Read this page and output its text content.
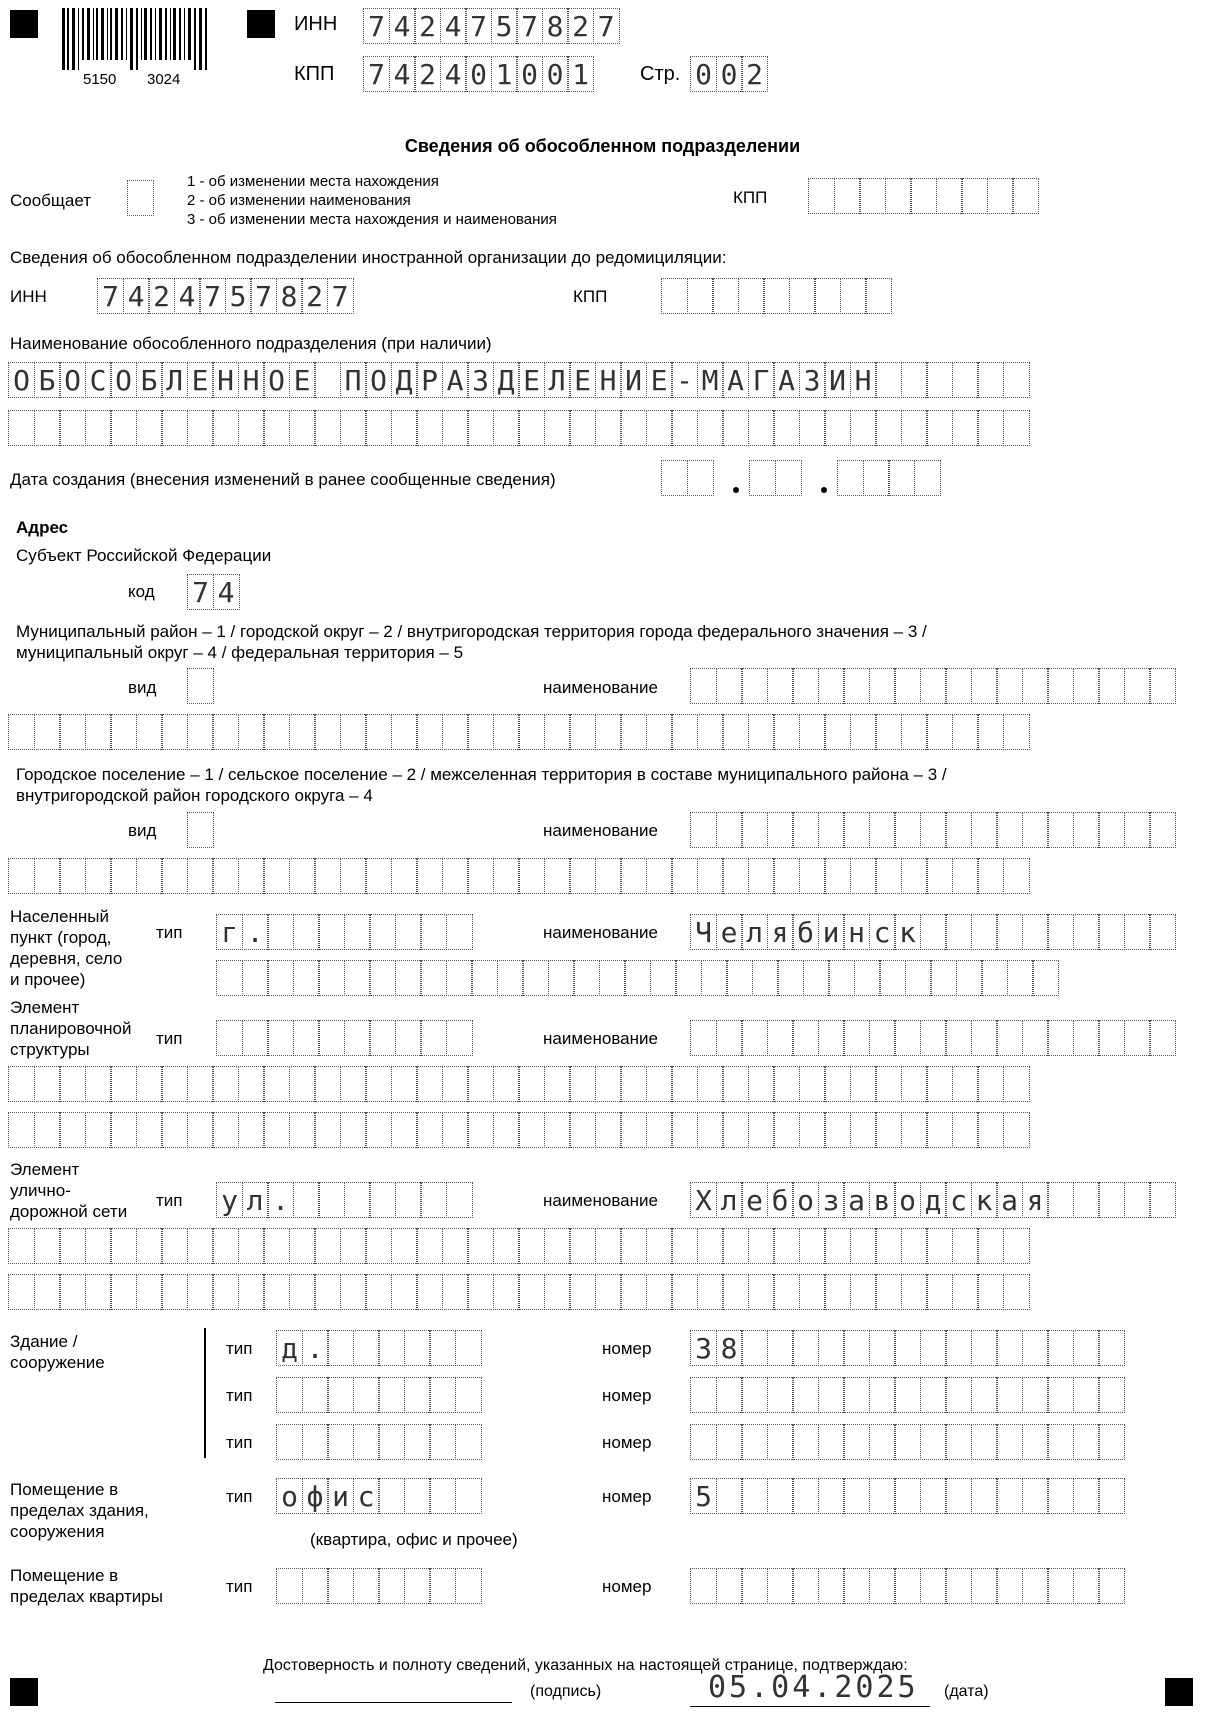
5150 3024
ИНН 7 4 2 4 7 5 7 8 2 7
КПП 7 4 2 4 0 1 0 0 1	Стр. 0 0 2
Сведения об обособленном подразделении
Сообщает
1 - об изменении места нахождения
2 - об изменении наименования
3 - об изменении места нахождения и наименования
КПП
Сведения об обособленном подразделении иностранной организации до редомициляции:
ИНН 7 4 2 4 7 5 7 8 2 7	КПП
Наименование обособленного подразделения (при наличии)
О Б О С О Б Л Е Н Н О Е П О Д Р А З Д Е Л Е Н И Е - М А Г А З И Н
Дата создания (внесения изменений в ранее сообщенные сведения)
Адрес
Субъект Российской Федерации
код 7 4
Муниципальный район – 1 / городской округ – 2 / внутригородская территория города федерального значения – 3 /
муниципальный округ – 4 / федеральная территория – 5
вид	наименование
Городское поселение – 1 / сельское поселение – 2 / межселенная территория в составе муниципального района – 3 /
внутригородской район городского округа – 4
вид	наименование
Населенный
пункт (город,
деревня, село
и прочее)
тип г .	наименование Ч е л я б и н с к
Элемент
планировочной
структуры
тип	наименование
Элемент
улично-
дорожной сети
тип у л .	наименование Х л е б о з а в о д с к а я
Здание /
сооружение
тип д .	номер 3 8
тип	номер
тип	номер
Помещение в
пределах здания,
сооружения
тип о ф и с	номер 5
(квартира, офис и прочее)
Помещение в
пределах квартиры
тип	номер
Достоверность и полноту сведений, указанных на настоящей странице, подтверждаю:
(подпись)	05.04.2025 (дата)
